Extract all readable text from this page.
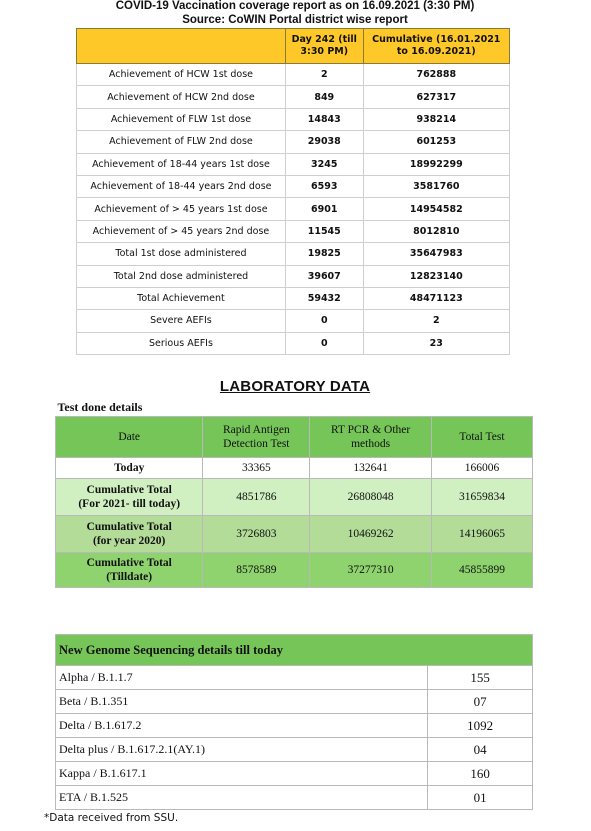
COVID-19 Vaccination coverage report as on 16.09.2021 (3:30 PM)
Source: CoWIN Portal district wise report
	Day 242 (till
3:30 PM)	Cumulative (16.01.2021
to 16.09.2021)
Achievement of HCW 1st dose	2	762888
Achievement of HCW 2nd dose	849	627317
Achievement of FLW 1st dose	14843	938214
Achievement of FLW 2nd dose	29038	601253
Achievement of 18-44 years 1st dose	3245	18992299
Achievement of 18-44 years 2nd dose	6593	3581760
Achievement of > 45 years 1st dose	6901	14954582
Achievement of > 45 years 2nd dose	11545	8012810
Total 1st dose administered	19825	35647983
Total 2nd dose administered	39607	12823140
Total Achievement	59432	48471123
Severe AEFIs	0	2
Serious AEFIs	0	23
LABORATORY DATA
Test done details			
Date	Rapid Antigen
Detection Test	RT PCR & Other
methods	Total Test
Today	33365	132641	166006
Cumulative Total
(For 2021- till today)	4851786	26808048	31659834
Cumulative Total
(for year 2020)	3726803	10469262	14196065
Cumulative Total
(Tilldate)	8578589	37277310	45855899
New Genome Sequencing details till today	
Alpha / B.1.1.7	155
Beta / B.1.351	07
Delta / B.1.617.2	1092
Delta plus / B.1.617.2.1(AY.1)	04
Kappa / B.1.617.1	160
ETA / B.1.525	01
*Data received from SSU.
